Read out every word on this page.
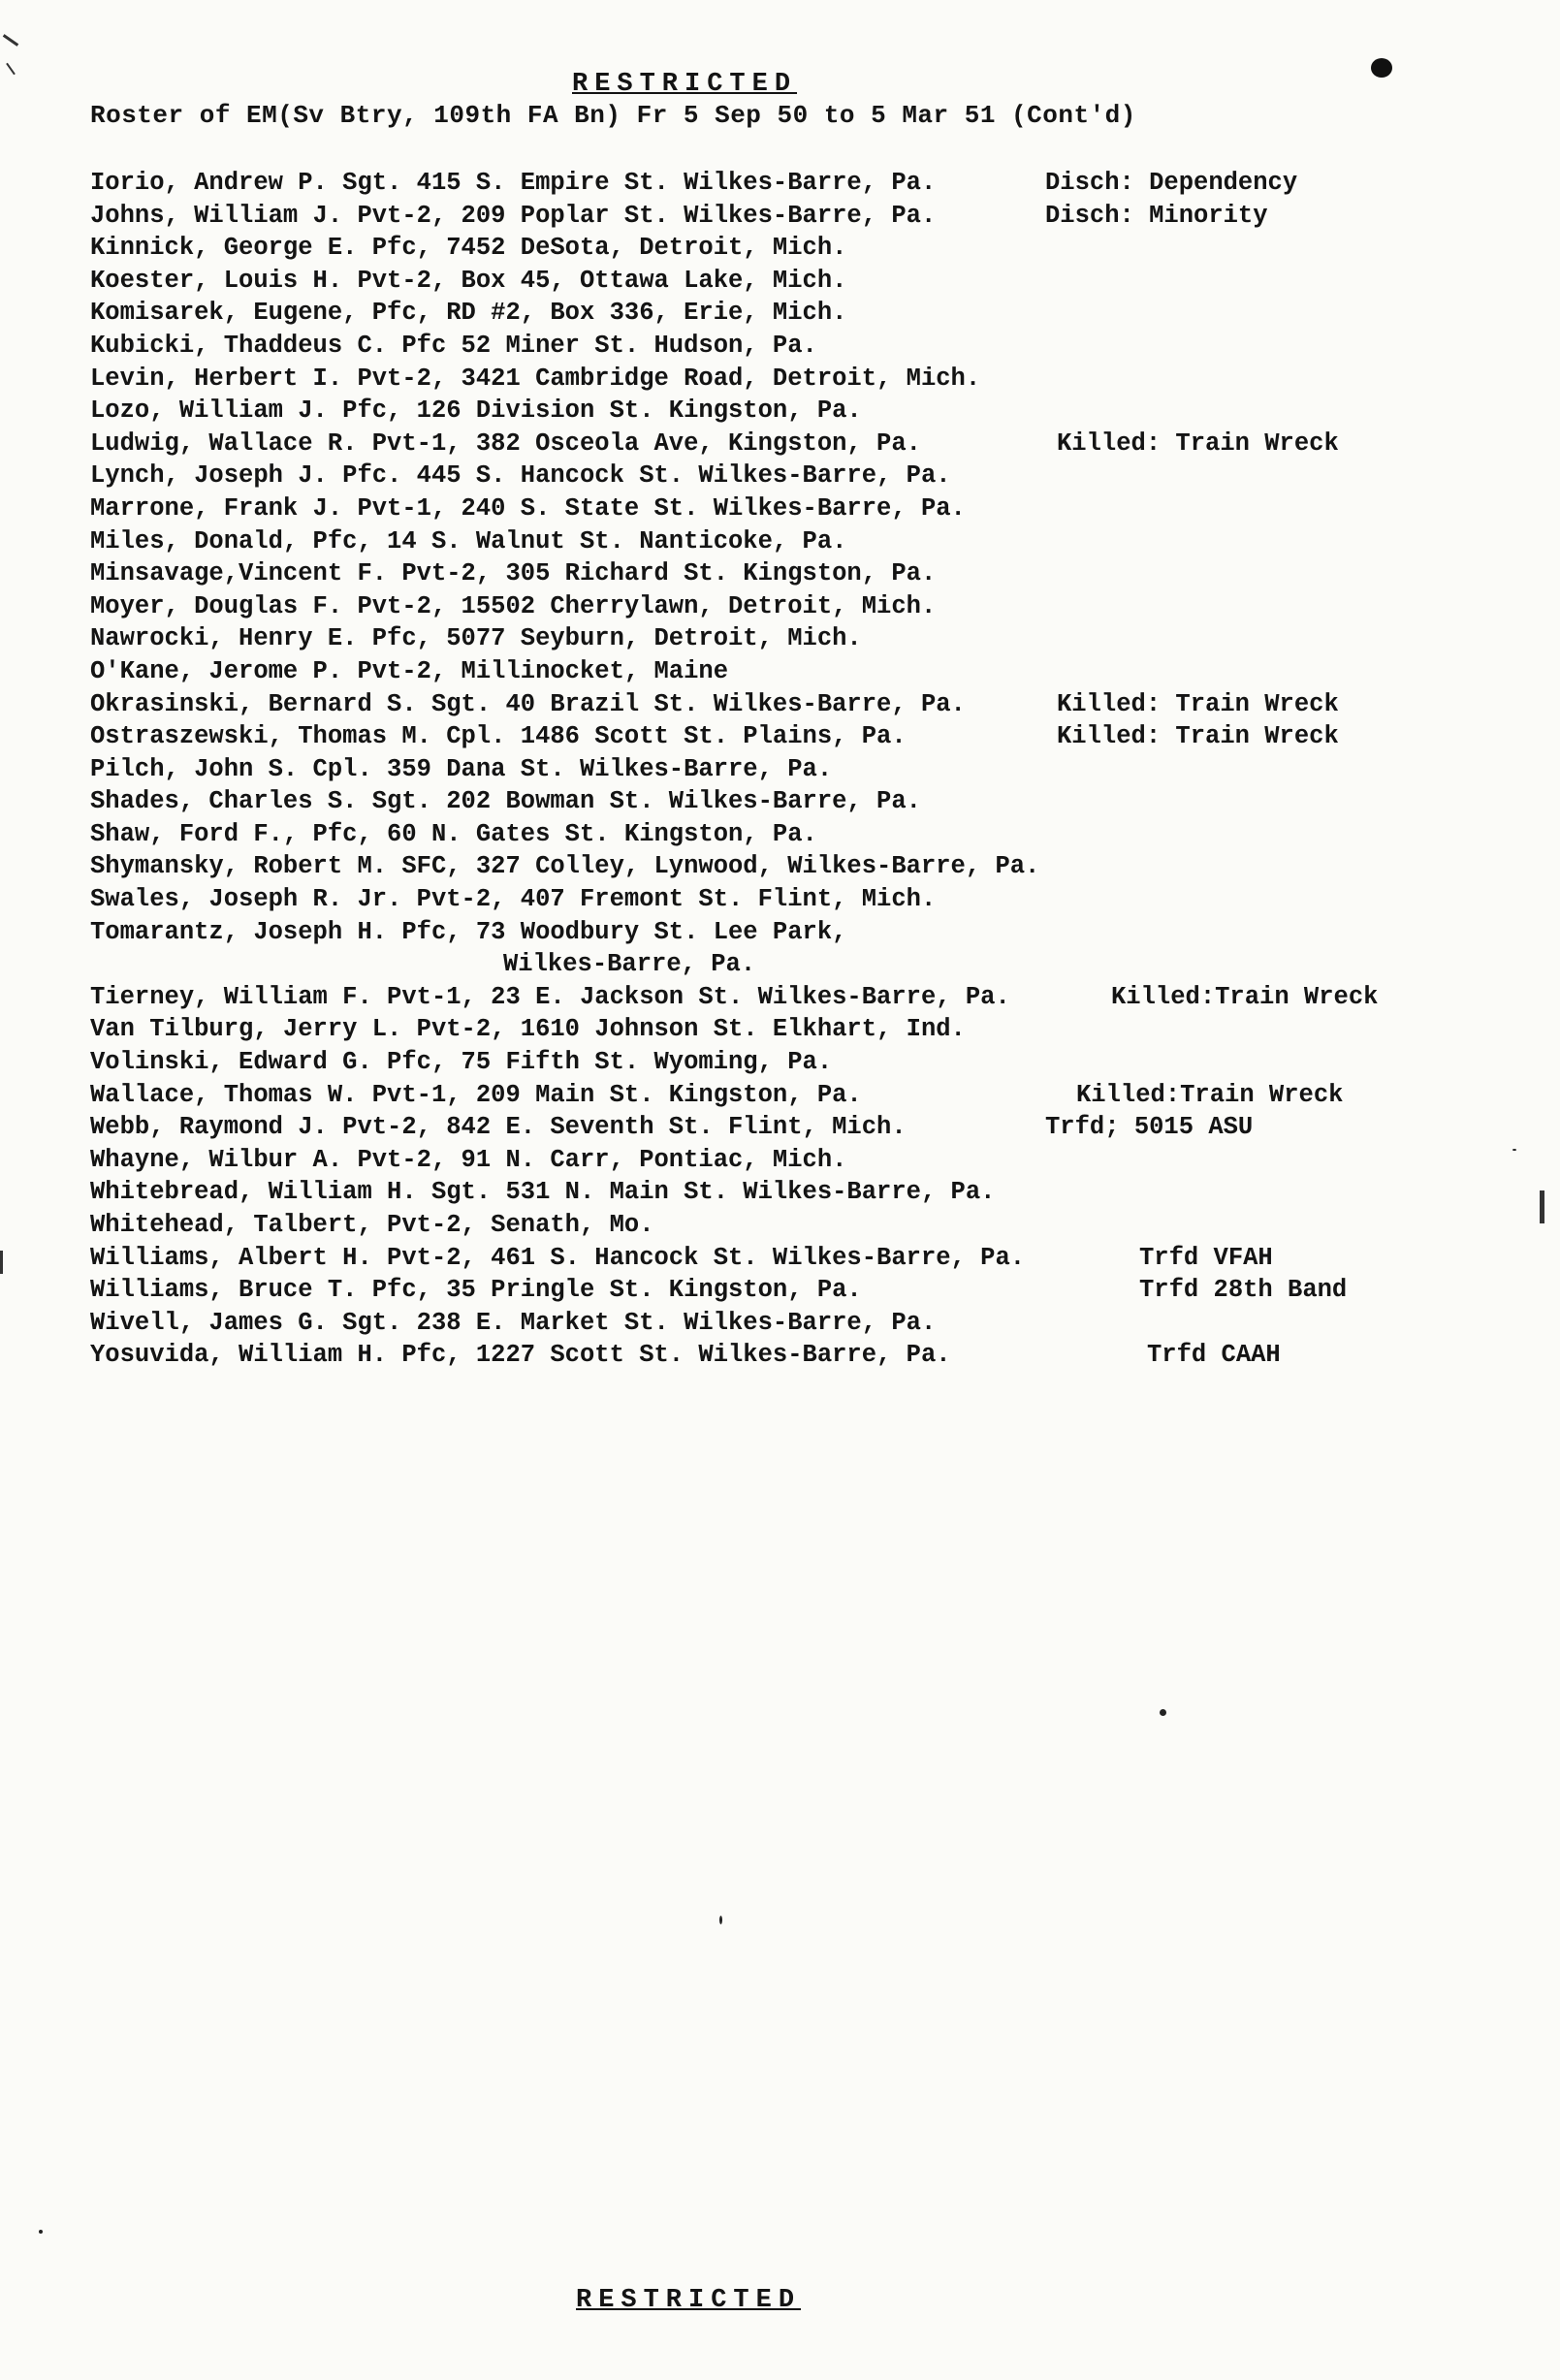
RESTRICTED
Roster of EM(Sv Btry, 109th FA Bn) Fr 5 Sep 50 to 5 Mar 51 (Cont'd)
Iorio, Andrew P. Sgt. 415 S. Empire St. Wilkes-Barre, Pa.	Disch: Dependency
Johns, William J. Pvt-2, 209 Poplar St. Wilkes-Barre, Pa.	Disch: Minority
Kinnick, George E. Pfc, 7452 DeSota, Detroit, Mich.
Koester, Louis H. Pvt-2, Box 45, Ottawa Lake, Mich.
Komisarek, Eugene, Pfc, RD #2, Box 336, Erie, Mich.
Kubicki, Thaddeus C. Pfc 52 Miner St. Hudson, Pa.
Levin, Herbert I. Pvt-2, 3421 Cambridge Road, Detroit, Mich.
Lozo, William J. Pfc, 126 Division St. Kingston, Pa.
Ludwig, Wallace R. Pvt-1, 382 Osceola Ave, Kingston, Pa.	Killed: Train Wreck
Lynch, Joseph J. Pfc. 445 S. Hancock St. Wilkes-Barre, Pa.
Marrone, Frank J. Pvt-1, 240 S. State St. Wilkes-Barre, Pa.
Miles, Donald, Pfc, 14 S. Walnut St. Nanticoke, Pa.
Minsavage,Vincent F. Pvt-2, 305 Richard St. Kingston, Pa.
Moyer, Douglas F. Pvt-2, 15502 Cherrylawn, Detroit, Mich.
Nawrocki, Henry E. Pfc, 5077 Seyburn, Detroit, Mich.
O'Kane, Jerome P. Pvt-2, Millinocket, Maine
Okrasinski, Bernard S. Sgt. 40 Brazil St. Wilkes-Barre, Pa.	Killed: Train Wreck
Ostraszewski, Thomas M. Cpl. 1486 Scott St. Plains, Pa.	Killed: Train Wreck
Pilch, John S. Cpl. 359 Dana St. Wilkes-Barre, Pa.
Shades, Charles S. Sgt. 202 Bowman St. Wilkes-Barre, Pa.
Shaw, Ford F., Pfc, 60 N. Gates St. Kingston, Pa.
Shymansky, Robert M. SFC, 327 Colley, Lynwood, Wilkes-Barre, Pa.
Swales, Joseph R. Jr. Pvt-2, 407 Fremont St. Flint, Mich.
Tomarantz, Joseph H. Pfc, 73 Woodbury St. Lee Park,
Wilkes-Barre, Pa.
Tierney, William F. Pvt-1, 23 E. Jackson St. Wilkes-Barre, Pa.	Killed:Train Wreck
Van Tilburg, Jerry L. Pvt-2, 1610 Johnson St. Elkhart, Ind.
Volinski, Edward G. Pfc, 75 Fifth St. Wyoming, Pa.
Wallace, Thomas W. Pvt-1, 209 Main St. Kingston, Pa.	Killed:Train Wreck
Webb, Raymond J. Pvt-2, 842 E. Seventh St. Flint, Mich.	Trfd; 5015 ASU
Whayne, Wilbur A. Pvt-2, 91 N. Carr, Pontiac, Mich.
Whitebread, William H. Sgt. 531 N. Main St. Wilkes-Barre, Pa.
Whitehead, Talbert, Pvt-2, Senath, Mo.
Williams, Albert H. Pvt-2, 461 S. Hancock St. Wilkes-Barre, Pa.	Trfd VFAH
Williams, Bruce T. Pfc, 35 Pringle St. Kingston, Pa.	Trfd 28th Band
Wivell, James G. Sgt. 238 E. Market St. Wilkes-Barre, Pa.
Yosuvida, William H. Pfc, 1227 Scott St. Wilkes-Barre, Pa.	Trfd CAAH
RESTRICTED
